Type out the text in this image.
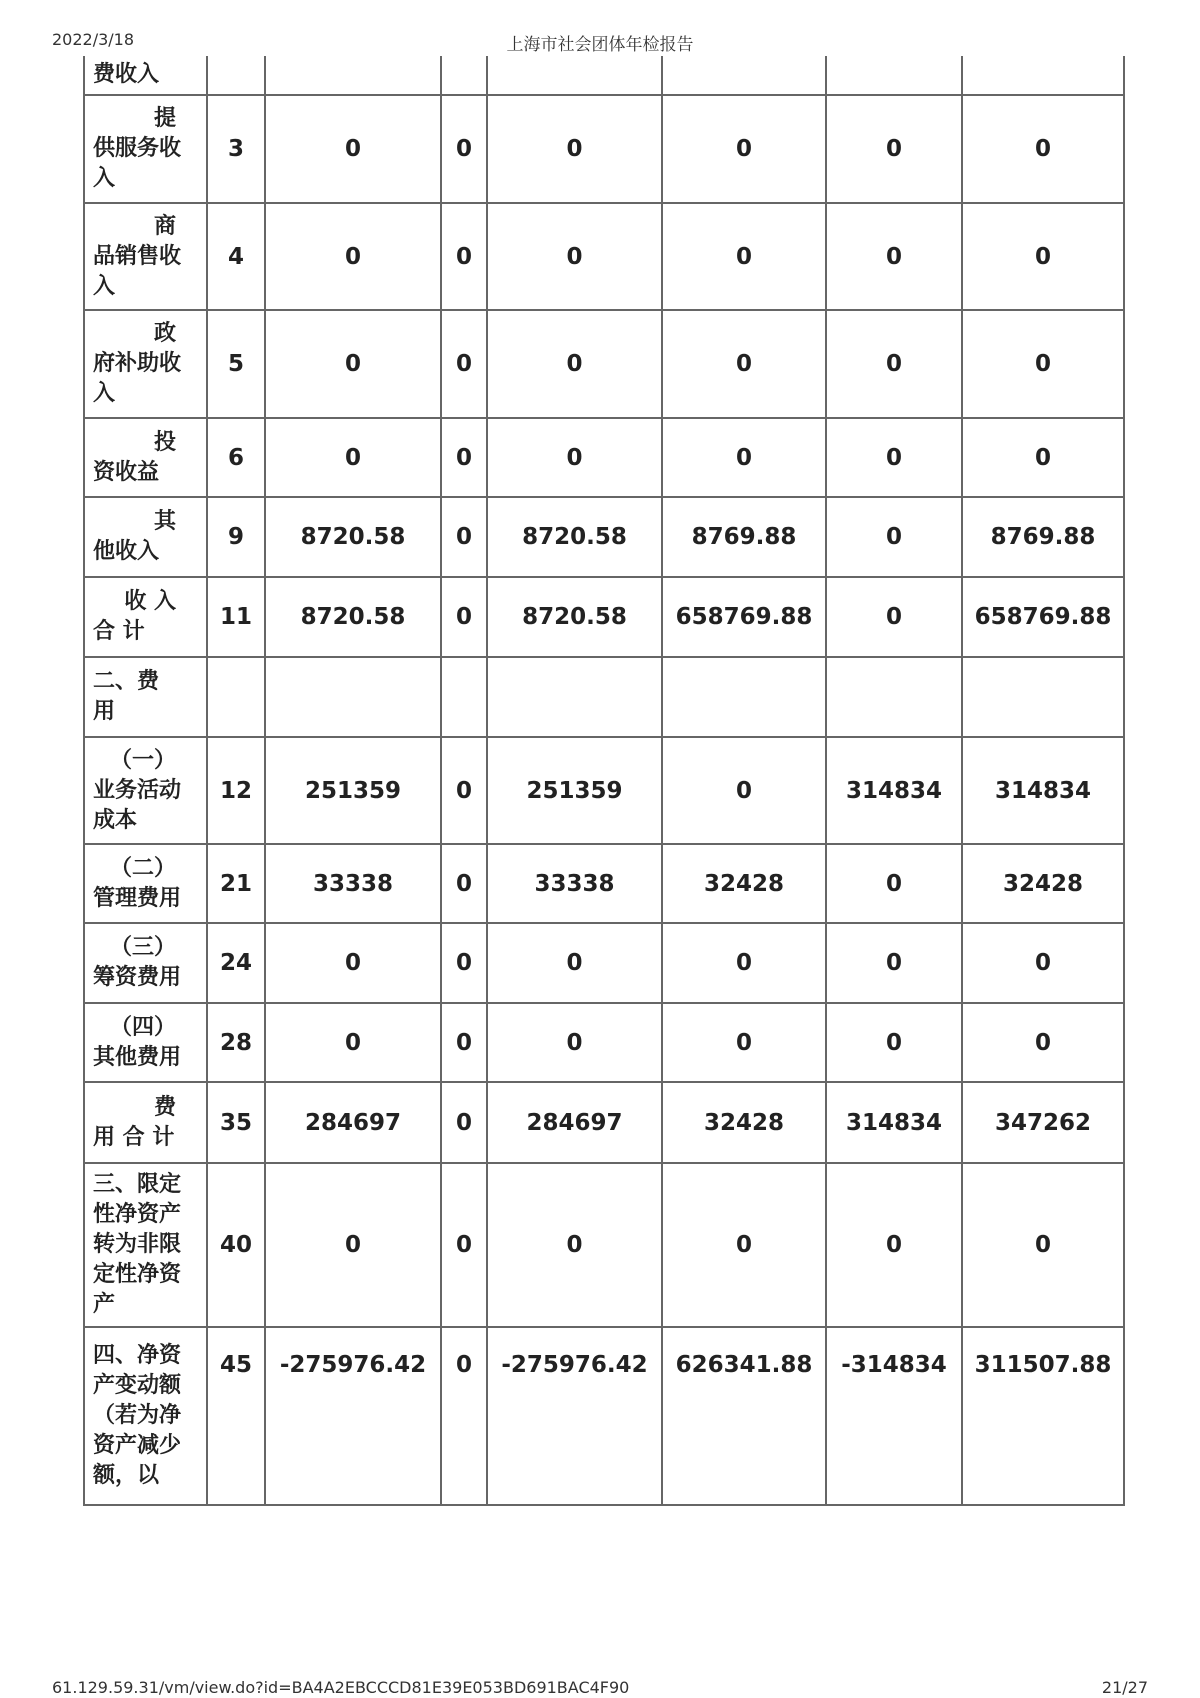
2022/3/18	上海市社会团体年检报告
费收入							

提
供服务收
入	3	0	0	0	0	0	0

商
品销售收
入	4	0	0	0	0	0	0

政
府补助收
入	5	0	0	0	0	0	0

投
资收益	6	0	0	0	0	0	0

其
他收入	9	8720.58	0	8720.58	8769.88	0	8769.88

收 入
合 计	11	8720.58	0	8720.58	658769.88	0	658769.88

二、费
用							

（一）
业务活动
成本	12	251359	0	251359	0	314834	314834

（二）
管理费用	21	33338	0	33338	32428	0	32428

（三）
筹资费用	24	0	0	0	0	0	0

（四）
其他费用	28	0	0	0	0	0	0

费
用 合 计	35	284697	0	284697	32428	314834	347262

三、限定
性净资产
转为非限
定性净资
产	40	0	0	0	0	0	0

四、净资
产变动额
（若为净
资产减少
额，以	45	-275976.42	0	-275976.42	626341.88	-314834	311507.88
61.129.59.31/vm/view.do?id=BA4A2EBCCCD81E39E053BD691BAC4F90	21/27
